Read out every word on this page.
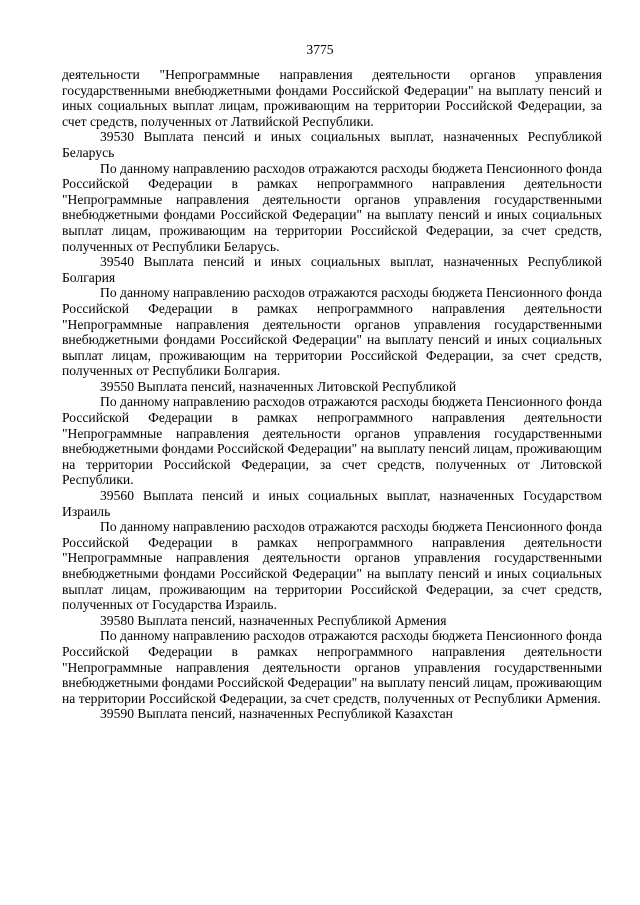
3775

деятельности "Непрограммные направления деятельности органов управления государственными внебюджетными фондами Российской Федерации" на выплату пенсий и иных социальных выплат лицам, проживающим на территории Российской Федерации, за счет средств, полученных от Латвийской Республики.

39530 Выплата пенсий и иных социальных выплат, назначенных Республикой Беларусь

По данному направлению расходов отражаются расходы бюджета Пенсионного фонда Российской Федерации в рамках непрограммного направления деятельности "Непрограммные направления деятельности органов управления государственными внебюджетными фондами Российской Федерации" на выплату пенсий и иных социальных выплат лицам, проживающим на территории Российской Федерации, за счет средств, полученных от Республики Беларусь.

39540 Выплата пенсий и иных социальных выплат, назначенных Республикой Болгария

По данному направлению расходов отражаются расходы бюджета Пенсионного фонда Российской Федерации в рамках непрограммного направления деятельности "Непрограммные направления деятельности органов управления государственными внебюджетными фондами Российской Федерации" на выплату пенсий и иных социальных выплат лицам, проживающим на территории Российской Федерации, за счет средств, полученных от Республики Болгария.

39550 Выплата пенсий, назначенных Литовской Республикой

По данному направлению расходов отражаются расходы бюджета Пенсионного фонда Российской Федерации в рамках непрограммного направления деятельности "Непрограммные направления деятельности органов управления государственными внебюджетными фондами Российской Федерации" на выплату пенсий лицам, проживающим на территории Российской Федерации, за счет средств, полученных от Литовской Республики.

39560 Выплата пенсий и иных социальных выплат, назначенных Государством Израиль

По данному направлению расходов отражаются расходы бюджета Пенсионного фонда Российской Федерации в рамках непрограммного направления деятельности "Непрограммные направления деятельности органов управления государственными внебюджетными фондами Российской Федерации" на выплату пенсий и иных социальных выплат лицам, проживающим на территории Российской Федерации, за счет средств, полученных от Государства Израиль.

39580 Выплата пенсий, назначенных Республикой Армения

По данному направлению расходов отражаются расходы бюджета Пенсионного фонда Российской Федерации в рамках непрограммного направления деятельности "Непрограммные направления деятельности органов управления государственными внебюджетными фондами Российской Федерации" на выплату пенсий лицам, проживающим на территории Российской Федерации, за счет средств, полученных от Республики Армения.

39590 Выплата пенсий, назначенных Республикой Казахстан
